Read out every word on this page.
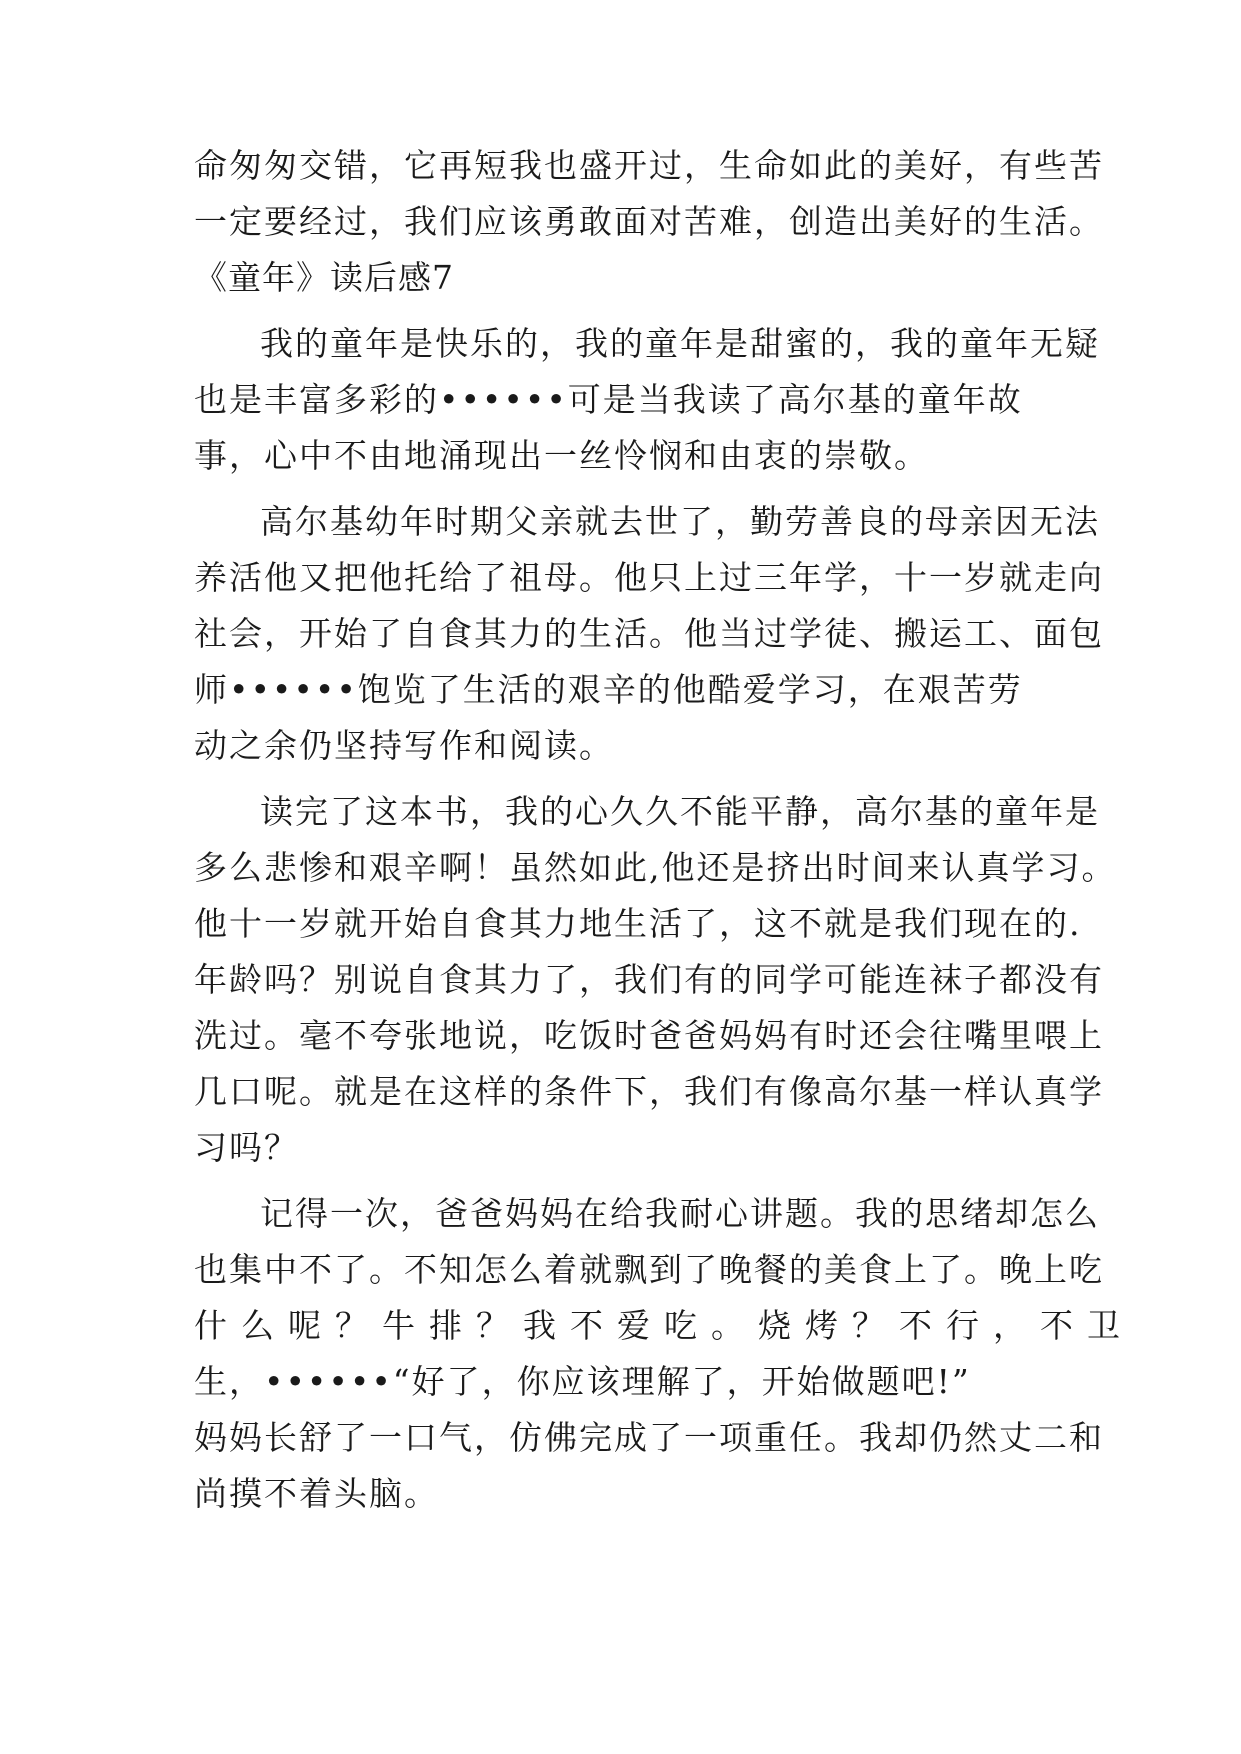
命匆匆交错，它再短我也盛开过，生命如此的美好，有些苦
一定要经过，我们应该勇敢面对苦难，创造出美好的生活。
《童年》读后感7
我的童年是快乐的，我的童年是甜蜜的，我的童年无疑
也是丰富多彩的••••••可是当我读了高尔基的童年故
事，心中不由地涌现出一丝怜悯和由衷的崇敬。
高尔基幼年时期父亲就去世了，勤劳善良的母亲因无法
养活他又把他托给了祖母。他只上过三年学，十一岁就走向
社会，开始了自食其力的生活。他当过学徒、搬运工、面包
师••••••饱览了生活的艰辛的他酷爱学习，在艰苦劳
动之余仍坚持写作和阅读。
读完了这本书，我的心久久不能平静，高尔基的童年是
多么悲惨和艰辛啊！虽然如此,他还是挤出时间来认真学习。
他十一岁就开始自食其力地生活了，这不就是我们现在的.
年龄吗？别说自食其力了，我们有的同学可能连袜子都没有
洗过。毫不夸张地说，吃饭时爸爸妈妈有时还会往嘴里喂上
几口呢。就是在这样的条件下，我们有像高尔基一样认真学
习吗？
记得一次，爸爸妈妈在给我耐心讲题。我的思绪却怎么
也集中不了。不知怎么着就飘到了晚餐的美食上了。晚上吃
什么呢？牛排？我不爱吃。烧烤？不行，不卫
生，••••••“好了，你应该理解了，开始做题吧!”
妈妈长舒了一口气，仿佛完成了一项重任。我却仍然丈二和
尚摸不着头脑。
